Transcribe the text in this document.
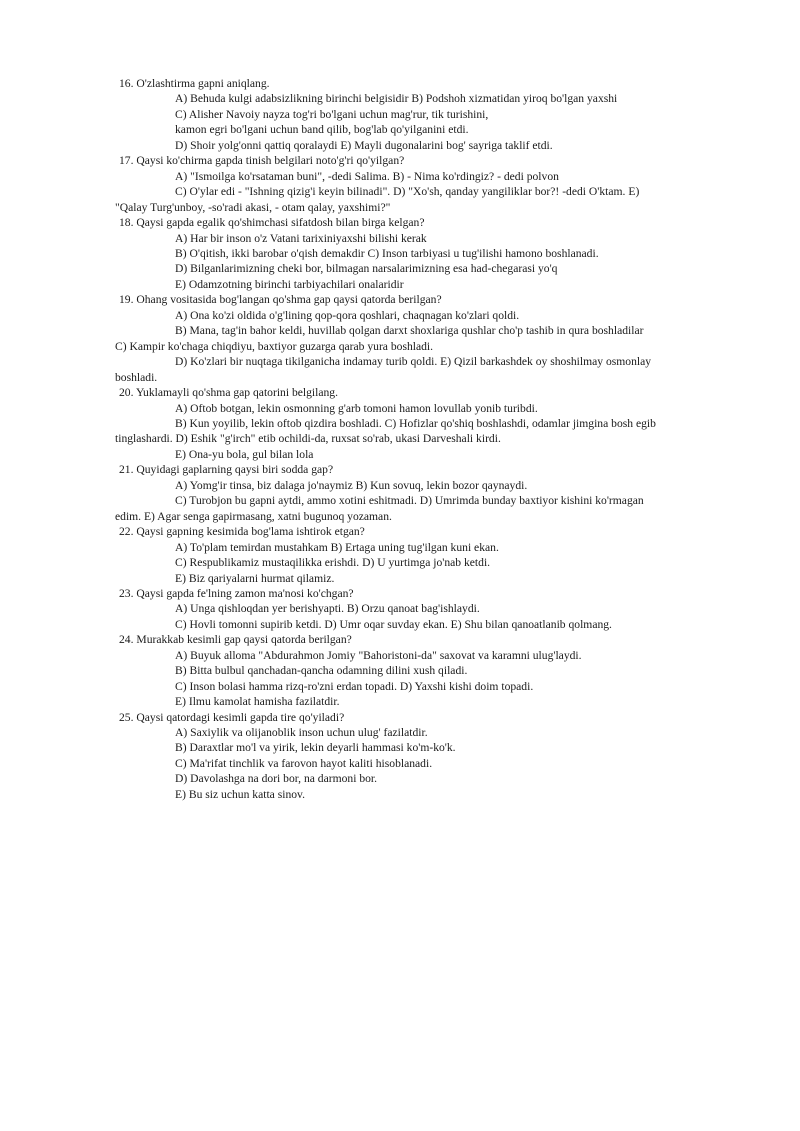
16. O'zlashtirma gapni aniqlang.
A) Behuda kulgi adabsizlikning birinchi belgisidir B) Podshoh xizmatidan yiroq bo'lgan yaxshi
C) Alisher Navoiy nayza tog'ri bo'lgani uchun mag'rur, tik turishini,
kamon egri bo'lgani uchun band qilib, bog'lab qo'yilganini etdi.
D) Shoir yolg'onni qattiq qoralaydi E) Mayli dugonalarini bog' sayriga taklif etdi.
17. Qaysi ko'chirma gapda tinish belgilari noto'g'ri qo'yilgan?
A) "Ismoilga ko'rsataman buni", -dedi Salima. B) - Nima ko'rdingiz? - dedi polvon
C) O'ylar edi - "Ishning qizig'i keyin bilinadi". D) "Xo'sh, qanday yangiliklar bor?! -dedi O'ktam. E)
"Qalay Turg'unboy, -so'radi akasi, - otam qalay, yaxshimi?"
18. Qaysi gapda egalik qo'shimchasi sifatdosh bilan birga kelgan?
A) Har bir inson o'z Vatani tarixiniyaxshi bilishi kerak
B) O'qitish, ikki barobar o'qish demakdir C) Inson tarbiyasi u tug'ilishi hamono boshlanadi.
D) Bilganlarimizning cheki bor, bilmagan narsalarimizning esa had-chegarasi yo'q
E) Odamzotning birinchi tarbiyachilari onalaridir
19. Ohang vositasida bog'langan qo'shma gap qaysi qatorda berilgan?
A) Ona ko'zi oldida o'g'lining qop-qora qoshlari, chaqnagan ko'zlari qoldi.
B) Mana, tag'in bahor keldi, huvillab qolgan darxt shoxlariga qushlar cho'p tashib in qura boshladilar
C) Kampir ko'chaga chiqdiyu, baxtiyor guzarga qarab yura boshladi.
D) Ko'zlari bir nuqtaga tikilganicha indamay turib qoldi. E) Qizil barkashdek oy shoshilmay osmonlay
boshladi.
20. Yuklamayli qo'shma gap qatorini belgilang.
A) Oftob botgan, lekin osmonning g'arb tomoni hamon lovullab yonib turibdi.
B) Kun yoyilib, lekin oftob qizdira boshladi. C) Hofizlar qo'shiq boshlashdi, odamlar jimgina bosh egib
tinglashardi. D) Eshik "g'irch" etib ochildi-da, ruxsat so'rab, ukasi Darveshali kirdi.
E) Ona-yu bola, gul bilan lola
21. Quyidagi gaplarning qaysi biri sodda gap?
A) Yomg'ir tinsa, biz dalaga jo'naymiz B) Kun sovuq, lekin bozor qaynaydi.
C) Turobjon bu gapni aytdi, ammo xotini eshitmadi. D) Umrimda bunday baxtiyor kishini ko'rmagan
edim. E) Agar senga gapirmasang, xatni bugunoq yozaman.
22. Qaysi gapning kesimida bog'lama ishtirok etgan?
A) To'plam temirdan mustahkam B) Ertaga uning tug'ilgan kuni ekan.
C) Respublikamiz mustaqilikka erishdi. D) U yurtimga jo'nab ketdi.
E) Biz qariyalarni hurmat qilamiz.
23. Qaysi gapda fe'lning zamon ma'nosi ko'chgan?
A) Unga qishloqdan yer berishyapti. B) Orzu qanoat bag'ishlaydi.
C) Hovli tomonni supirib ketdi. D) Umr oqar suvday ekan. E) Shu bilan qanoatlanib qolmang.
24. Murakkab kesimli gap qaysi qatorda berilgan?
A) Buyuk alloma "Abdurahmon Jomiy "Bahoristoni-da" saxovat va karamni ulug'laydi.
B) Bitta bulbul qanchadan-qancha odamning dilini xush qiladi.
C) Inson bolasi hamma rizq-ro'zni erdan topadi. D) Yaxshi kishi doim topadi.
E) Ilmu kamolat hamisha fazilatdir.
25. Qaysi qatordagi kesimli gapda tire qo'yiladi?
A) Saxiylik va olijanoblik inson uchun ulug' fazilatdir.
B) Daraxtlar mo'l va yirik, lekin deyarli hammasi ko'm-ko'k.
C) Ma'rifat tinchlik va farovon hayot kaliti hisoblanadi.
D) Davolashga na dori bor, na darmoni bor.
E) Bu siz uchun katta sinov.
